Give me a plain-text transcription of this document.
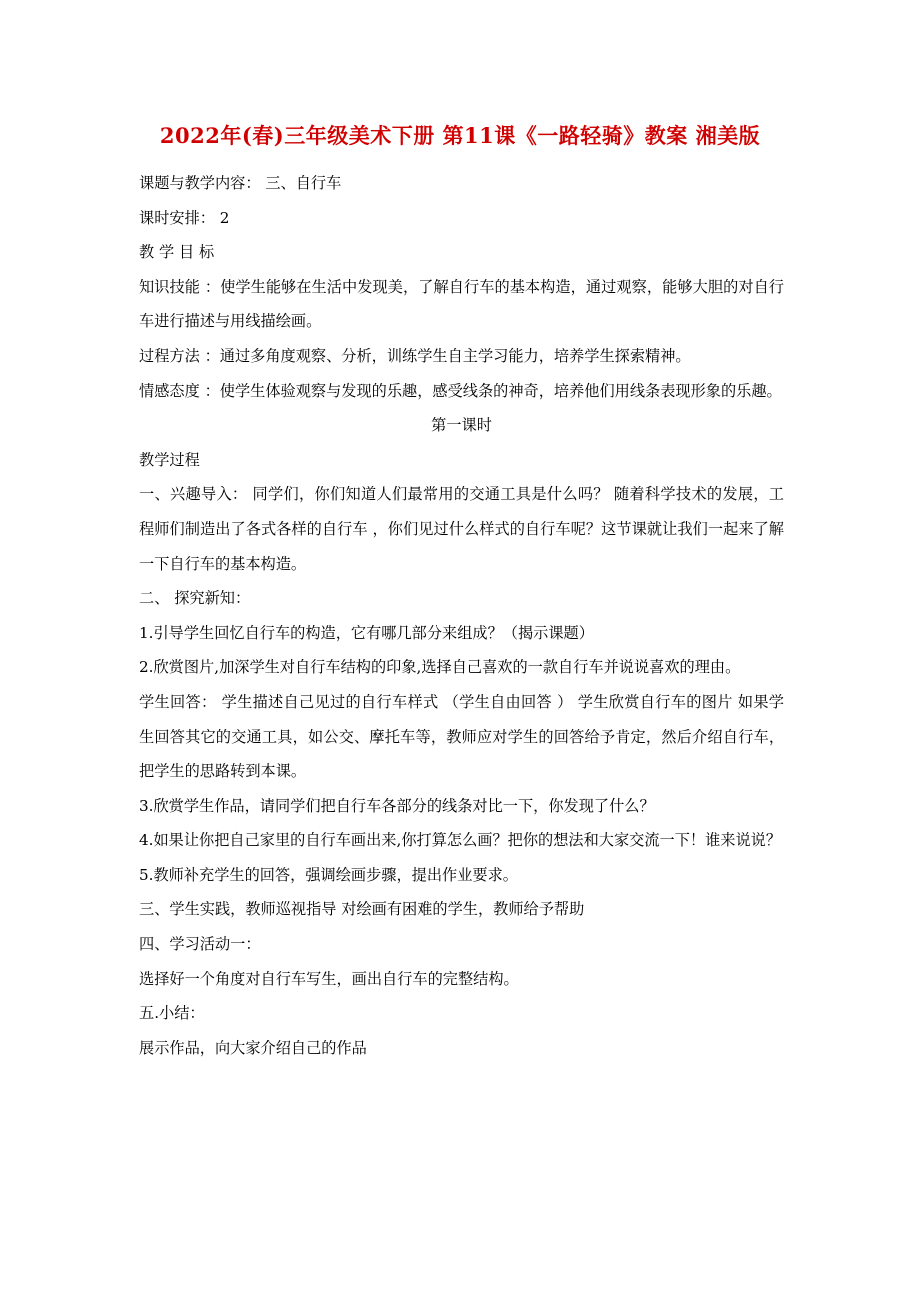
2022年(春)三年级美术下册 第11课《一路轻骑》教案 湘美版

课题与教学内容： 三、自行车

课时安排： 2

教 学 目 标

知识技能 ：使学生能够在生活中发现美，了解自行车的基本构造，通过观察，能够大胆的对自行车进行描述与用线描绘画。

过程方法 ：通过多角度观察、分析，训练学生自主学习能力，培养学生探索精神。

情感态度 ：使学生体验观察与发现的乐趣，感受线条的神奇，培养他们用线条表现形象的乐趣。

第一课时

教学过程

一、兴趣导入： 同学们，你们知道人们最常用的交通工具是什么吗？ 随着科学技术的发展，工程师们制造出了各式各样的自行车 ，你们见过什么样式的自行车呢？这节课就让我们一起来了解一下自行车的基本构造。

二、 探究新知：

1.引导学生回忆自行车的构造，它有哪几部分来组成？（揭示课题）

2.欣赏图片,加深学生对自行车结构的印象,选择自己喜欢的一款自行车并说说喜欢的理由。

学生回答： 学生描述自己见过的自行车样式 （学生自由回答 ） 学生欣赏自行车的图片 如果学生回答其它的交通工具，如公交、摩托车等，教师应对学生的回答给予肯定，然后介绍自行车，把学生的思路转到本课。

3.欣赏学生作品，请同学们把自行车各部分的线条对比一下，你发现了什么？

4.如果让你把自己家里的自行车画出来,你打算怎么画？把你的想法和大家交流一下！谁来说说？

5.教师补充学生的回答，强调绘画步骤，提出作业要求。

三、学生实践，教师巡视指导 对绘画有困难的学生，教师给予帮助

四、学习活动一：

选择好一个角度对自行车写生，画出自行车的完整结构。

五.小结：

展示作品，向大家介绍自己的作品
